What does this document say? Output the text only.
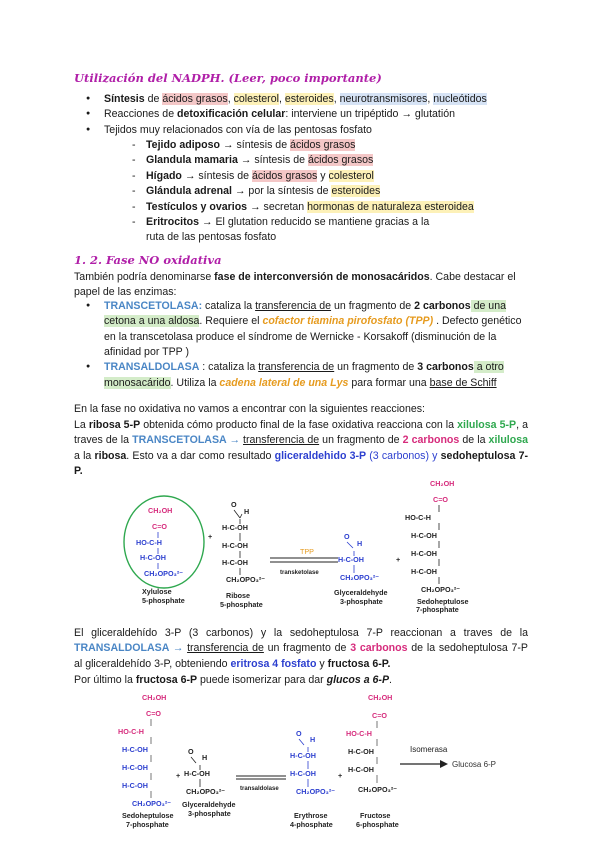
Utilización del NADPH. (Leer, poco importante)
● Síntesis de ácidos grasos, colesterol, esteroides, neurotransmisores, nucleótidos
● Reacciones de detoxificación celular: interviene un tripéptido → glutatión
● Tejidos muy relacionados con vía de las pentosas fosfato
- Tejido adiposo → síntesis de ácidos grasos
- Glandula mamaria → síntesis de ácidos grasos
- Hígado → síntesis de ácidos grasos y colesterol
- Glándula adrenal → por la síntesis de esteroides
- Testículos y ovarios → secretan hormonas de naturaleza esteroidea
- Eritrocitos → El glutation reducido se mantiene gracias a la ruta de las pentosas fosfato
1. 2. Fase NO oxidativa
También podría denominarse fase de interconversión de monosacáridos. Cabe destacar el papel de las enzimas:
● TRANSCETOLASA: cataliza la transferencia de un fragmento de 2 carbonos de una cetona a una aldosa. Requiere el cofactor tiamina pirofosfato (TPP) . Defecto genético en la transcetolasa produce el síndrome de Wernicke - Korsakoff (disminución de la afinidad por TPP )
● TRANSALDOLASA : cataliza la transferencia de un fragmento de 3 carbonos a otro monosacárido. Utiliza la cadena lateral de una Lys para formar una base de Schiff
En la fase no oxidativa no vamos a encontrar con la siguientes reacciones:
La ribosa 5-P obtenida cómo producto final de la fase oxidativa reacciona con la xilulosa 5-P, a traves de la TRANSCETOLASA → transferencia de un fragmento de 2 carbonos de la xilulosa a la ribosa. Esto va a dar como resultado gliceraldehido 3-P (3 carbonos) y sedoheptulosa 7-P.
CH₂OH
C=O
HO-C-H
H-C-OH
CH₂OPO₃²⁻
Xylulose
5-phosphate
+
O
H
H-C-OH
H-C-OH
H-C-OH
CH₂OPO₃²⁻
Ribose
5-phosphate
TPP
transketolase
O
H
H-C-OH
CH₂OPO₃²⁻
Glyceraldehyde
3-phosphate
+
CH₂OH
C=O
HO-C-H
H-C-OH
H-C-OH
H-C-OH
CH₂OPO₃²⁻
Sedoheptulose
7-phosphate
El gliceraldehído 3-P (3 carbonos) y la sedoheptulosa 7-P reaccionan a traves de la TRANSALDOLASA → transferencia de un fragmento de 3 carbonos de la sedoheptulosa 7-P al gliceraldehído 3-P, obteniendo eritrosa 4 fosfato y fructosa 6-P.
Por último la fructosa 6-P puede isomerizar para dar glucos a 6-P.
CH₂OH
C=O
HO-C-H
H-C-OH
H-C-OH
H-C-OH
CH₂OPO₃²⁻
Sedoheptulose
7-phosphate
+
O
H
H-C-OH
CH₂OPO₃²⁻
Glyceraldehyde
3-phosphate
transaldolase
O
H
H-C-OH
H-C-OH
CH₂OPO₃²⁻
Erythrose
4-phosphate
+
CH₂OH
C=O
HO-C-H
H-C-OH
H-C-OH
CH₂OPO₃²⁻
Fructose
6-phosphate
Isomerasa
Glucosa 6-P
